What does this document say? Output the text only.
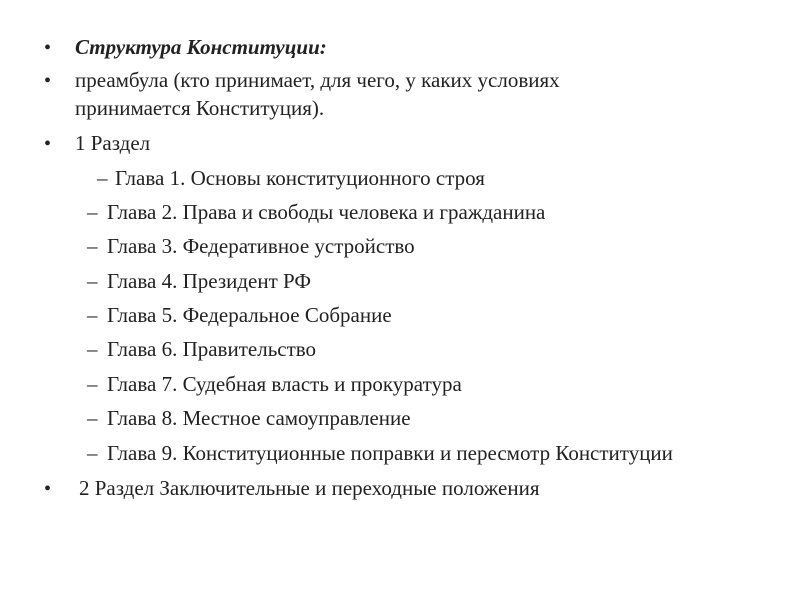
• Структура Конституции:
• преамбула (кто принимает, для чего, у каких условиях
принимается Конституция).
• 1 Раздел
– Глава 1. Основы конституционного строя
– Глава 2. Права и свободы человека и гражданина
– Глава 3. Федеративное устройство
– Глава 4. Президент РФ
– Глава 5. Федеральное Собрание
– Глава 6. Правительство
– Глава 7. Судебная власть и прокуратура
– Глава 8. Местное самоуправление
– Глава 9. Конституционные поправки и пересмотр Конституции
• 2 Раздел Заключительные и переходные положения
